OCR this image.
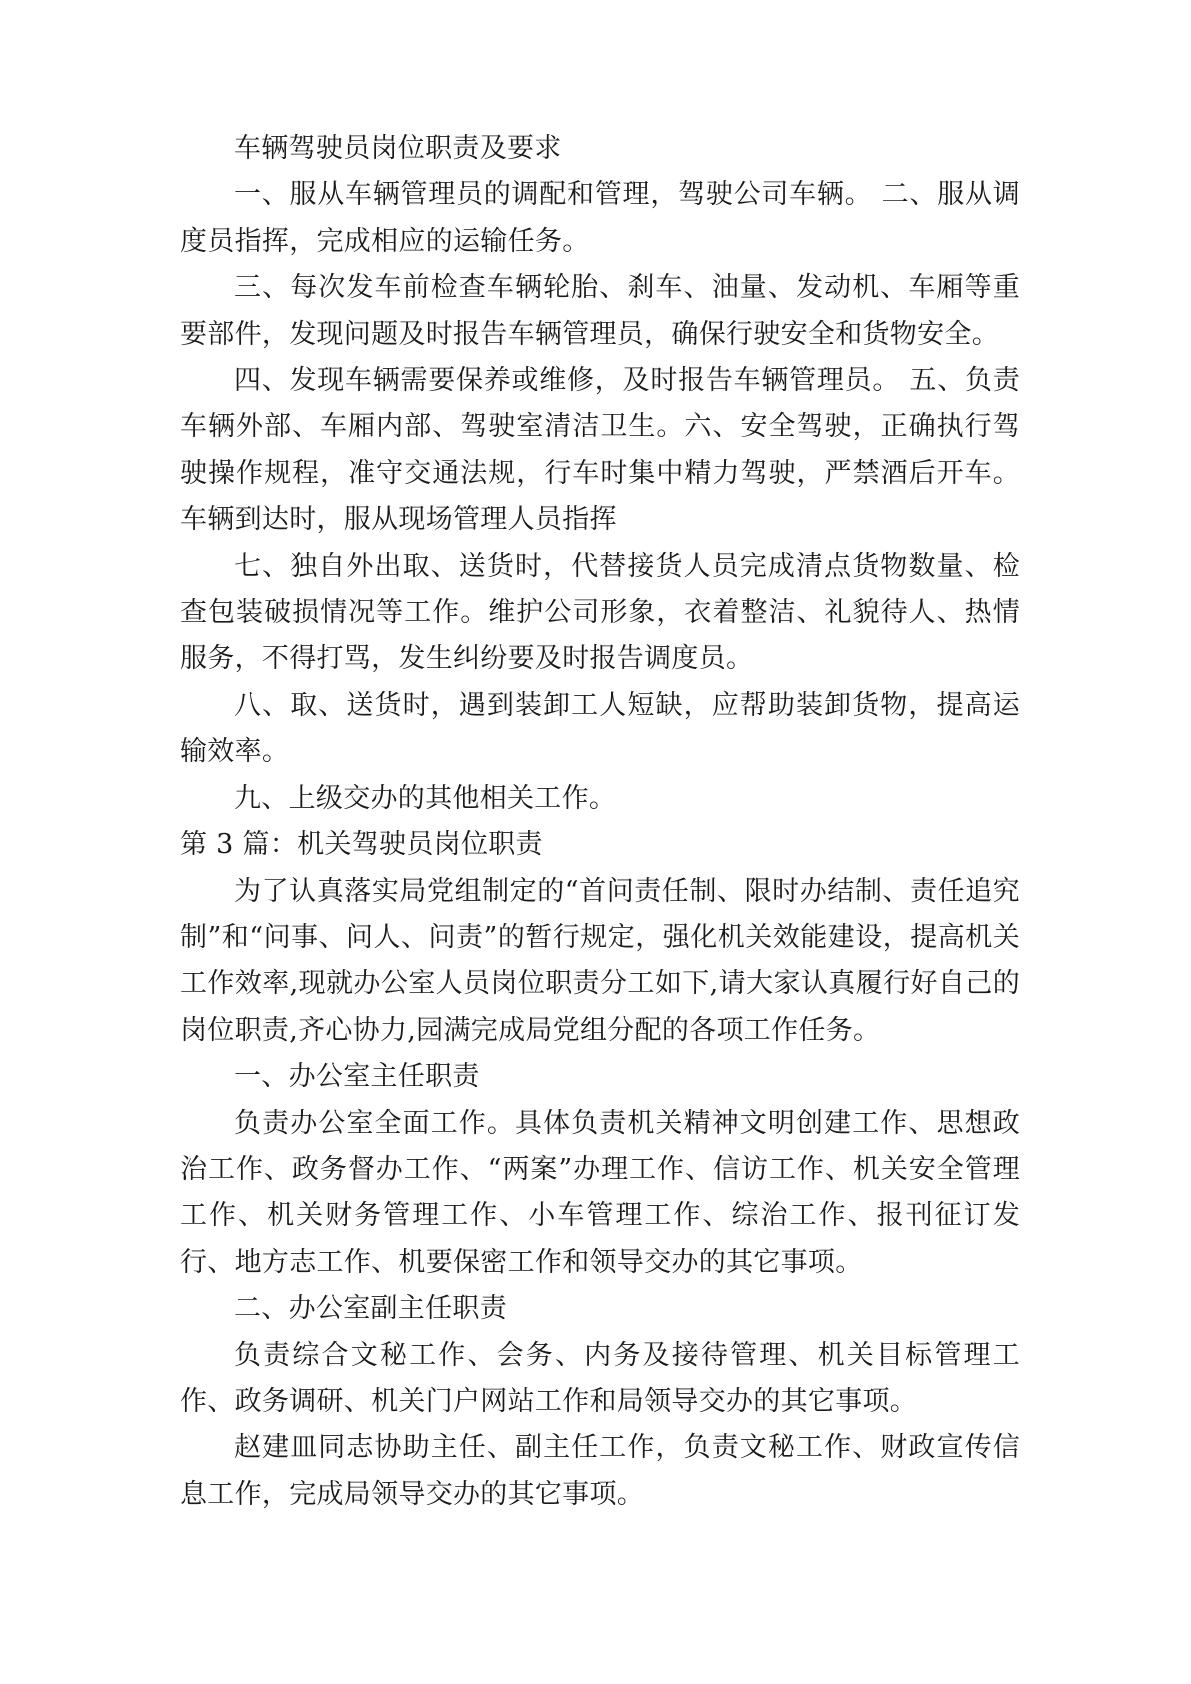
车辆驾驶员岗位职责及要求

一、服从车辆管理员的调配和管理，驾驶公司车辆。 二、服从调度员指挥，完成相应的运输任务。

三、每次发车前检查车辆轮胎、刹车、油量、发动机、车厢等重要部件，发现问题及时报告车辆管理员，确保行驶安全和货物安全。

四、发现车辆需要保养或维修，及时报告车辆管理员。 五、负责车辆外部、车厢内部、驾驶室清洁卫生。六、安全驾驶，正确执行驾驶操作规程，准守交通法规，行车时集中精力驾驶，严禁酒后开车。车辆到达时，服从现场管理人员指挥

七、独自外出取、送货时，代替接货人员完成清点货物数量、检查包装破损情况等工作。维护公司形象，衣着整洁、礼貌待人、热情服务，不得打骂，发生纠纷要及时报告调度员。

八、取、送货时，遇到装卸工人短缺，应帮助装卸货物，提高运输效率。

九、上级交办的其他相关工作。

第 3 篇：机关驾驶员岗位职责

为了认真落实局党组制定的“首问责任制、限时办结制、责任追究制”和“问事、问人、问责”的暂行规定，强化机关效能建设，提高机关工作效率,现就办公室人员岗位职责分工如下,请大家认真履行好自己的岗位职责,齐心协力,园满完成局党组分配的各项工作任务。

一、办公室主任职责

负责办公室全面工作。具体负责机关精神文明创建工作、思想政治工作、政务督办工作、“两案”办理工作、信访工作、机关安全管理工作、机关财务管理工作、小车管理工作、综治工作、报刊征订发行、地方志工作、机要保密工作和领导交办的其它事项。

二、办公室副主任职责

负责综合文秘工作、会务、内务及接待管理、机关目标管理工作、政务调研、机关门户网站工作和局领导交办的其它事项。

赵建皿同志协助主任、副主任工作，负责文秘工作、财政宣传信息工作，完成局领导交办的其它事项。
